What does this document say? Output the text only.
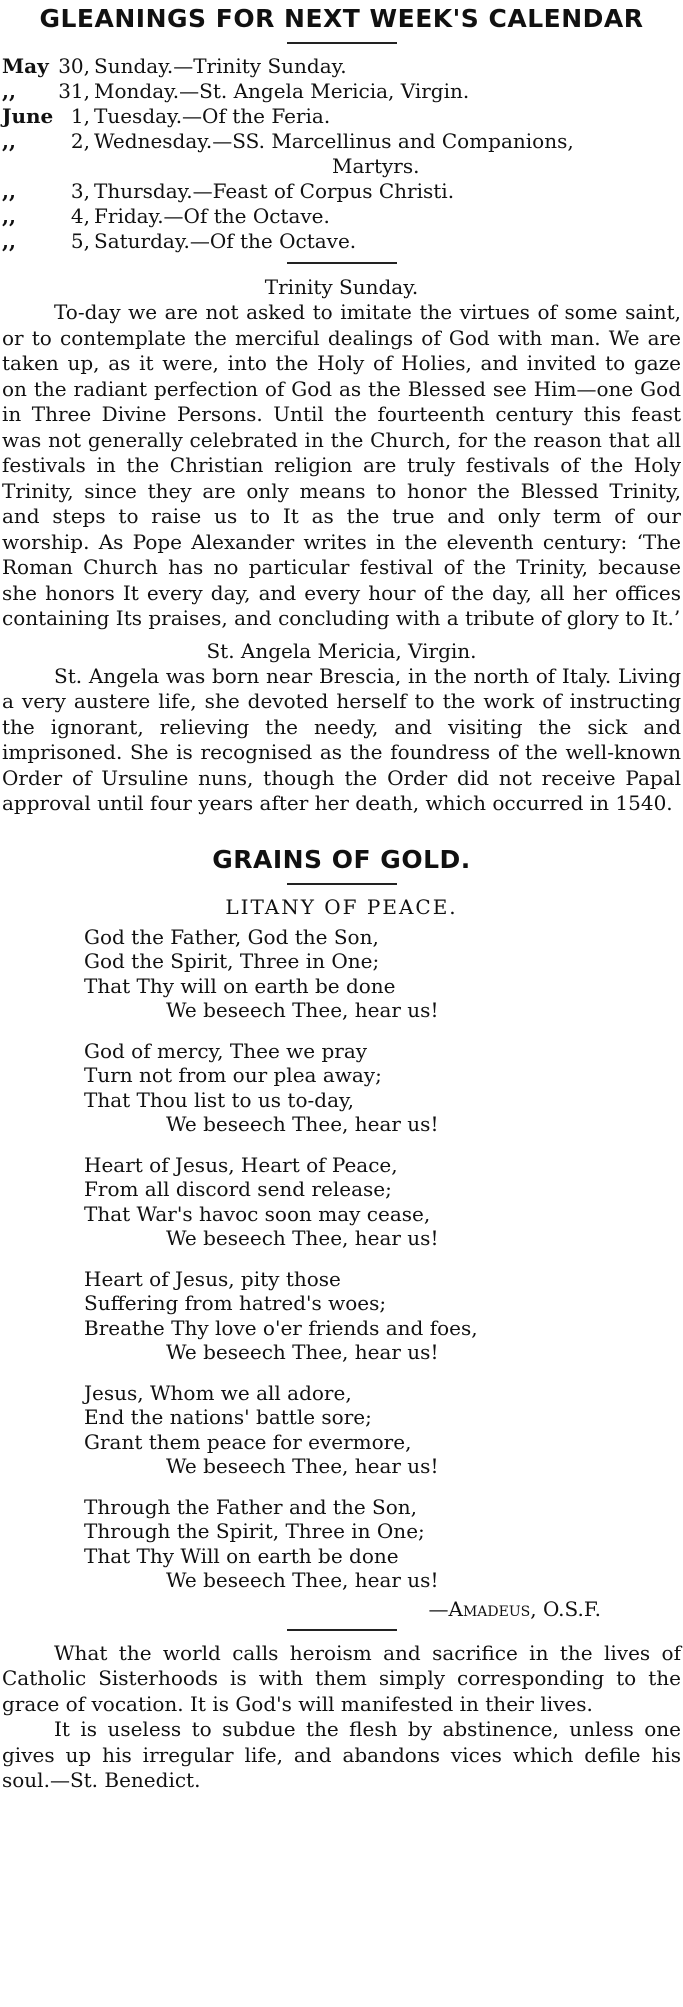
GLEANINGS FOR NEXT WEEK'S CALENDAR
May 30, Sunday.—Trinity Sunday.
,,	31, Monday.—St. Angela Mericia, Virgin.
June 1, Tuesday.—Of the Feria.
,,	2, Wednesday.—SS. Marcellinus and Companions,
Martyrs.
,,	3, Thursday.—Feast of Corpus Christi.
,,	4, Friday.—Of the Octave.
,,	5, Saturday.—Of the Octave.
Trinity Sunday.

To-day we are not asked to imitate the virtues of some saint, or to contemplate the merciful dealings of God with man. We are taken up, as it were, into the Holy of Holies, and invited to gaze on the radiant perfection of God as the Blessed see Him—one God in Three Divine Persons. Until the fourteenth century this feast was not generally celebrated in the Church, for the reason that all festivals in the Christian religion are truly festivals of the Holy Trinity, since they are only means to honor the Blessed Trinity, and steps to raise us to It as the true and only term of our worship. As Pope Alexander writes in the eleventh century: ‘The Roman Church has no particular festival of the Trinity, because she honors It every day, and every hour of the day, all her offices containing Its praises, and concluding with a tribute of glory to It.’

St. Angela Mericia, Virgin.

St. Angela was born near Brescia, in the north of Italy. Living a very austere life, she devoted herself to the work of instructing the ignorant, relieving the needy, and visiting the sick and imprisoned. She is recognised as the foundress of the well-known Order of Ursuline nuns, though the Order did not receive Papal approval until four years after her death, which occurred in 1540.

GRAINS OF GOLD.
LITANY OF PEACE.
God the Father, God the Son,
God the Spirit, Three in One;
That Thy will on earth be done
We beseech Thee, hear us!
God of mercy, Thee we pray
Turn not from our plea away;
That Thou list to us to-day,
We beseech Thee, hear us!
Heart of Jesus, Heart of Peace,
From all discord send release;
That War's havoc soon may cease,
We beseech Thee, hear us!
Heart of Jesus, pity those
Suffering from hatred's woes;
Breathe Thy love o'er friends and foes,
We beseech Thee, hear us!
Jesus, Whom we all adore,
End the nations' battle sore;
Grant them peace for evermore,
We beseech Thee, hear us!
Through the Father and the Son,
Through the Spirit, Three in One;
That Thy Will on earth be done
We beseech Thee, hear us!
—Amadeus, O.S.F.

What the world calls heroism and sacrifice in the lives of Catholic Sisterhoods is with them simply corresponding to the grace of vocation. It is God's will manifested in their lives.

It is useless to subdue the flesh by abstinence, unless one gives up his irregular life, and abandons vices which defile his soul.—St. Benedict.
